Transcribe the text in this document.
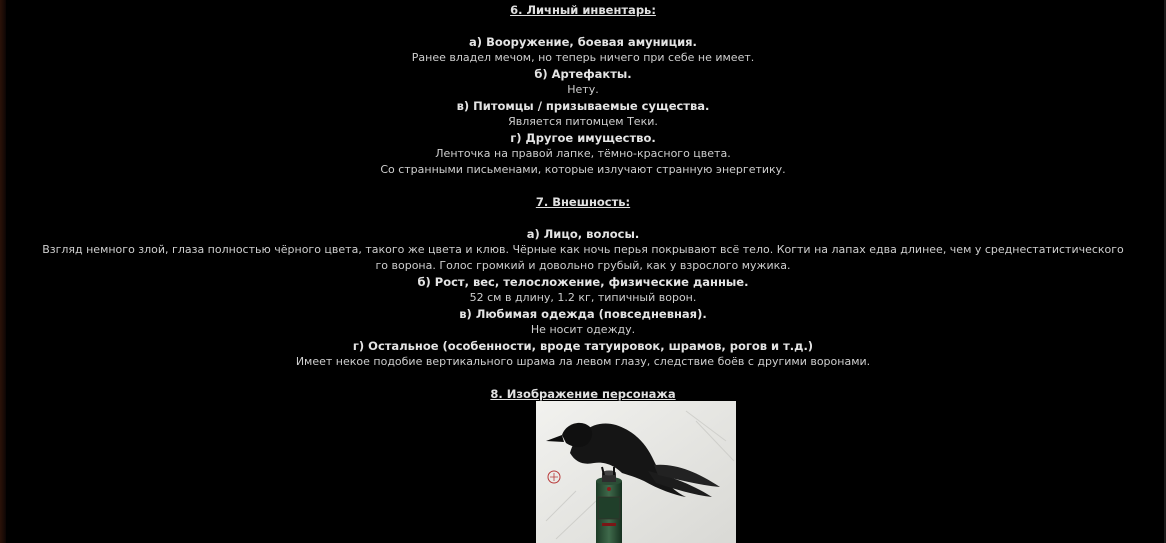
6. Личный инвентарь:
а) Вооружение, боевая амуниция.
Ранее владел мечом, но теперь ничего при себе не имеет.
б) Артефакты.
Нету.
в) Питомцы / призываемые существа.
Является питомцем Теки.
г) Другое имущество.
Ленточка на правой лапке, тёмно-красного цвета.
Со странными письменами, которые излучают странную энергетику.
7. Внешность:
а) Лицо, волосы.
Взгляд немного злой, глаза полностью чёрного цвета, такого же цвета и клюв. Чёрные как ночь перья покрывают всё тело. Когти на лапах едва длинее, чем у среднестатистического
го ворона. Голос громкий и довольно грубый, как у взрослого мужика.
б) Рост, вес, телосложение, физические данные.
52 см в длину, 1.2 кг, типичный ворон.
в) Любимая одежда (повседневная).
Не носит одежду.
г) Остальное (особенности, вроде татуировок, шрамов, рогов и т.д.)
Имеет некое подобие вертикального шрама ла левом глазу, следствие боёв с другими воронами.
8. Изображение персонажа
